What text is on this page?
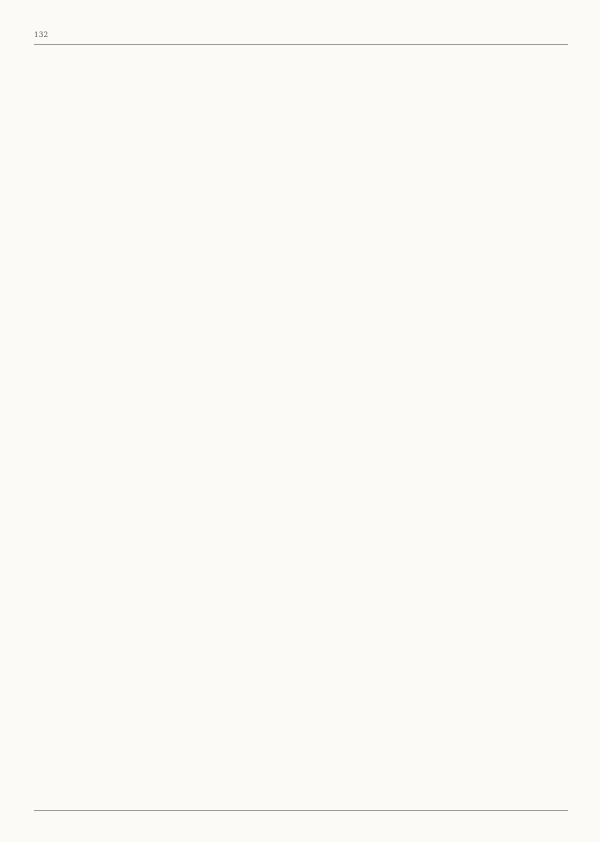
132
